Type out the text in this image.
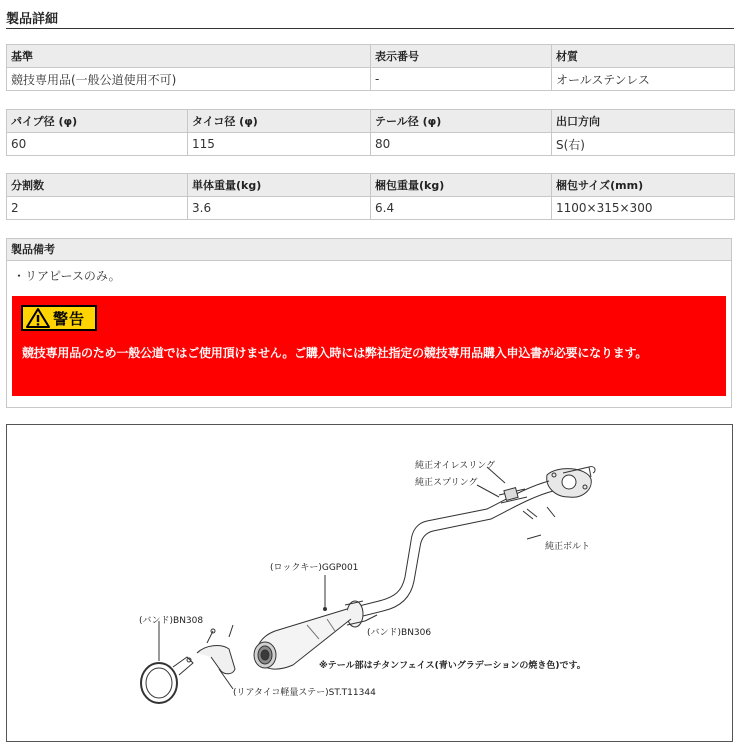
製品詳細
基準	表示番号	材質
競技専用品(一般公道使用不可)	-	オールステンレス
パイプ径 (φ)	タイコ径 (φ)	テール径 (φ)	出口方向
60	115	80	S(右)
分割数	単体重量(kg)	梱包重量(kg)	梱包サイズ(mm)
2	3.6	6.4	1100×315×300
製品備考
・リアピースのみ。
警告
競技専用品のため一般公道ではご使用頂けません。ご購入時には弊社指定の競技専用品購入申込書が必要になります。
純正オイレスリング
純正スプリング
純正ボルト
(ロックキー)GGP001
(バンド)BN308
(バンド)BN306
(リアタイコ軽量ステー)ST.T11344
※テール部はチタンフェイス(青いグラデーションの焼き色)です。
